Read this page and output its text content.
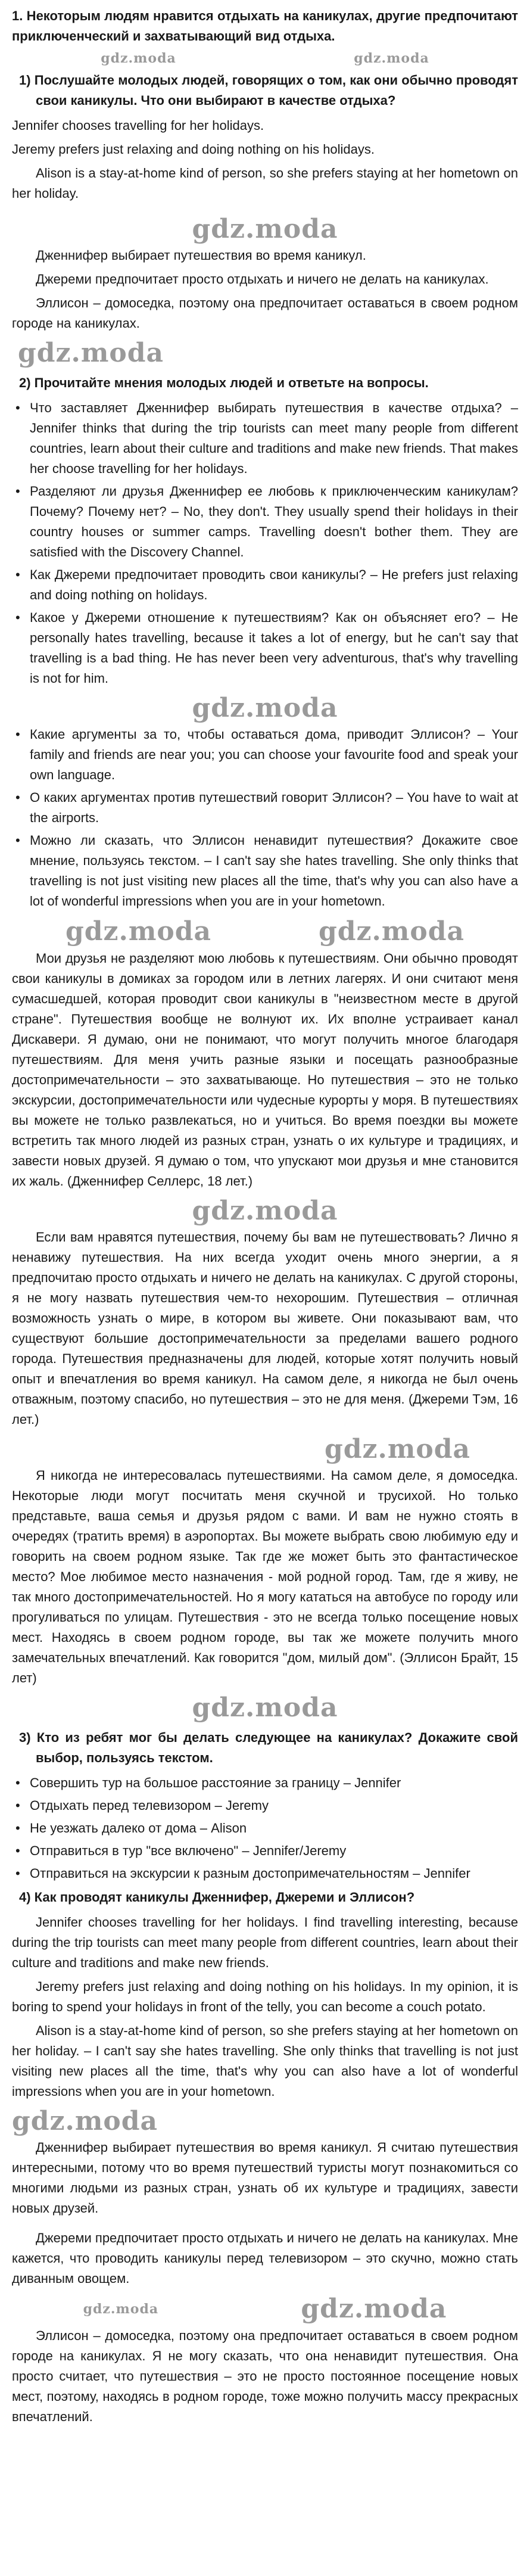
1. Некоторым людям нравится отдыхать на каникулах, другие предпочитают приключенческий и захватывающий вид отдыха.

gdz.moda	gdz.moda

1) Послушайте молодых людей, говорящих о том, как они обычно проводят свои каникулы. Что они выбирают в качестве отдыха?

Jennifer chooses travelling for her holidays.

Jeremy prefers just relaxing and doing nothing on his holidays.

Alison is a stay-at-home kind of person, so she prefers staying at her hometown on her holiday.

gdz.moda

Дженнифер выбирает путешествия во время каникул.

Джереми предпочитает просто отдыхать и ничего не делать на каникулах.

Эллисон – домоседка, поэтому она предпочитает оставаться в своем родном городе на каникулах.

gdz.moda

2) Прочитайте мнения молодых людей и ответьте на вопросы.

• Что заставляет Дженнифер выбирать путешествия в качестве отдыха? – Jennifer thinks that during the trip tourists can meet many people from different countries, learn about their culture and traditions and make new friends. That makes her choose travelling for her holidays.
• Разделяют ли друзья Дженнифер ее любовь к приключенческим каникулам? Почему? Почему нет? – No, they don't. They usually spend their holidays in their country houses or summer camps. Travelling doesn't bother them. They are satisfied with the Discovery Channel.
• Как Джереми предпочитает проводить свои каникулы? – He prefers just relaxing and doing nothing on holidays.
• Какое у Джереми отношение к путешествиям? Как он объясняет его? – He personally hates travelling, because it takes a lot of energy, but he can't say that travelling is a bad thing. He has never been very adventurous, that's why travelling is not for him.
gdz.moda
• Какие аргументы за то, чтобы оставаться дома, приводит Эллисон? – Your family and friends are near you; you can choose your favourite food and speak your own language.
• О каких аргументах против путешествий говорит Эллисон? – You have to wait at the airports.
• Можно ли сказать, что Эллисон ненавидит путешествия? Докажите свое мнение, пользуясь текстом. – I can't say she hates travelling. She only thinks that travelling is not just visiting new places all the time, that's why you can also have a lot of wonderful impressions when you are in your hometown.
gdz.moda	gdz.moda

Мои друзья не разделяют мою любовь к путешествиям. Они обычно проводят свои каникулы в домиках за городом или в летних лагерях. И они считают меня сумасшедшей, которая проводит свои каникулы в "неизвестном месте в другой стране". Путешествия вообще не волнуют их. Их вполне устраивает канал Дискавери. Я думаю, они не понимают, что могут получить многое благодаря путешествиям. Для меня учить разные языки и посещать разнообразные достопримечательности – это захватывающе. Но путешествия – это не только экскурсии, достопримечательности или чудесные курорты у моря. В путешествиях вы можете не только развлекаться, но и учиться. Во время поездки вы можете встретить так много людей из разных стран, узнать о их культуре и традициях, и завести новых друзей. Я думаю о том, что упускают мои друзья и мне становится их жаль. (Дженнифер Селлерс, 18 лет.)

gdz.moda

Если вам нравятся путешествия, почему бы вам не путешествовать? Лично я ненавижу путешествия. На них всегда уходит очень много энергии, а я предпочитаю просто отдыхать и ничего не делать на каникулах. С другой стороны, я не могу назвать путешествия чем-то нехорошим. Путешествия – отличная возможность узнать о мире, в котором вы живете. Они показывают вам, что существуют большие достопримечательности за пределами вашего родного города. Путешествия предназначены для людей, которые хотят получить новый опыт и впечатления во время каникул. На самом деле, я никогда не был очень отважным, поэтому спасибо, но путешествия – это не для меня. (Джереми Тэм, 16 лет.)

gdz.moda

Я никогда не интересовалась путешествиями. На самом деле, я домоседка. Некоторые люди могут посчитать меня скучной и трусихой. Но только представьте, ваша семья и друзья рядом с вами. И вам не нужно стоять в очередях (тратить время) в аэропортах. Вы можете выбрать свою любимую еду и говорить на своем родном языке. Так где же может быть это фантастическое место? Мое любимое место назначения - мой родной город. Там, где я живу, не так много достопримечательностей. Но я могу кататься на автобусе по городу или прогуливаться по улицам. Путешествия - это не всегда только посещение новых мест. Находясь в своем родном городе, вы так же можете получить много замечательных впечатлений. Как говорится "дом, милый дом". (Эллисон Брайт, 15 лет)

gdz.moda

3) Кто из ребят мог бы делать следующее на каникулах? Докажите свой выбор, пользуясь текстом.

• Совершить тур на большое расстояние за границу – Jennifer
• Отдыхать перед телевизором – Jeremy
• Не уезжать далеко от дома – Alison
• Отправиться в тур "все включено" – Jennifer/Jeremy
• Отправиться на экскурсии к разным достопримечательностям – Jennifer

4) Как проводят каникулы Дженнифер, Джереми и Эллисон?

Jennifer chooses travelling for her holidays. I find travelling interesting, because during the trip tourists can meet many people from different countries, learn about their culture and traditions and make new friends.

Jeremy prefers just relaxing and doing nothing on his holidays. In my opinion, it is boring to spend your holidays in front of the telly, you can become a couch potato.

Alison is a stay-at-home kind of person, so she prefers staying at her hometown on her holiday. – I can't say she hates travelling. She only thinks that travelling is not just visiting new places all the time, that's why you can also have a lot of wonderful impressions when you are in your hometown.

gdz.moda

Дженнифер выбирает путешествия во время каникул. Я считаю путешествия интересными, потому что во время путешествий туристы могут познакомиться со многими людьми из разных стран, узнать об их культуре и традициях, завести новых друзей.

Джереми предпочитает просто отдыхать и ничего не делать на каникулах. Мне кажется, что проводить каникулы перед телевизором – это скучно, можно стать диванным овощем.

gdz.moda	gdz.moda

Эллисон – домоседка, поэтому она предпочитает оставаться в своем родном городе на каникулах. Я не могу сказать, что она ненавидит путешествия. Она просто считает, что путешествия – это не просто постоянное посещение новых мест, поэтому, находясь в родном городе, тоже можно получить массу прекрасных впечатлений.
